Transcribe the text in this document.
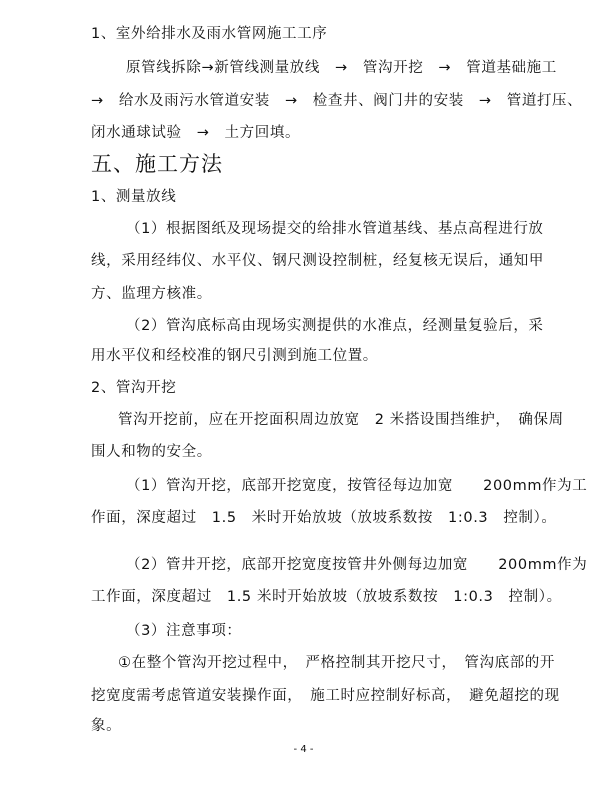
1、室外给排水及雨水管网施工工序
原管线拆除→新管线测量放线　→　管沟开挖　→　管道基础施工
→　给水及雨污水管道安装　→　检查井、阀门井的安装　→　管道打压、
闭水通球试验　→　土方回填。
五、施工方法
1、测量放线
（1）根据图纸及现场提交的给排水管道基线、基点高程进行放
线，采用经纬仪、水平仪、钢尺测设控制桩，经复核无误后，通知甲
方、监理方核准。
（2）管沟底标高由现场实测提供的水准点，经测量复验后，采
用水平仪和经校准的钢尺引测到施工位置。
2、管沟开挖
管沟开挖前，应在开挖面积周边放宽　2 米搭设围挡维护，　确保周
围人和物的安全。
（1）管沟开挖，底部开挖宽度，按管径每边加宽　　200mm作为工
作面，深度超过　1.5　米时开始放坡（放坡系数按　1:0.3　控制）。
（2）管井开挖，底部开挖宽度按管井外侧每边加宽　　200mm作为
工作面，深度超过　1.5 米时开始放坡（放坡系数按　1:0.3　控制）。
（3）注意事项：
①在整个管沟开挖过程中，　严格控制其开挖尺寸，　管沟底部的开
挖宽度需考虑管道安装操作面，　施工时应控制好标高，　避免超挖的现
象。
- 4 -
